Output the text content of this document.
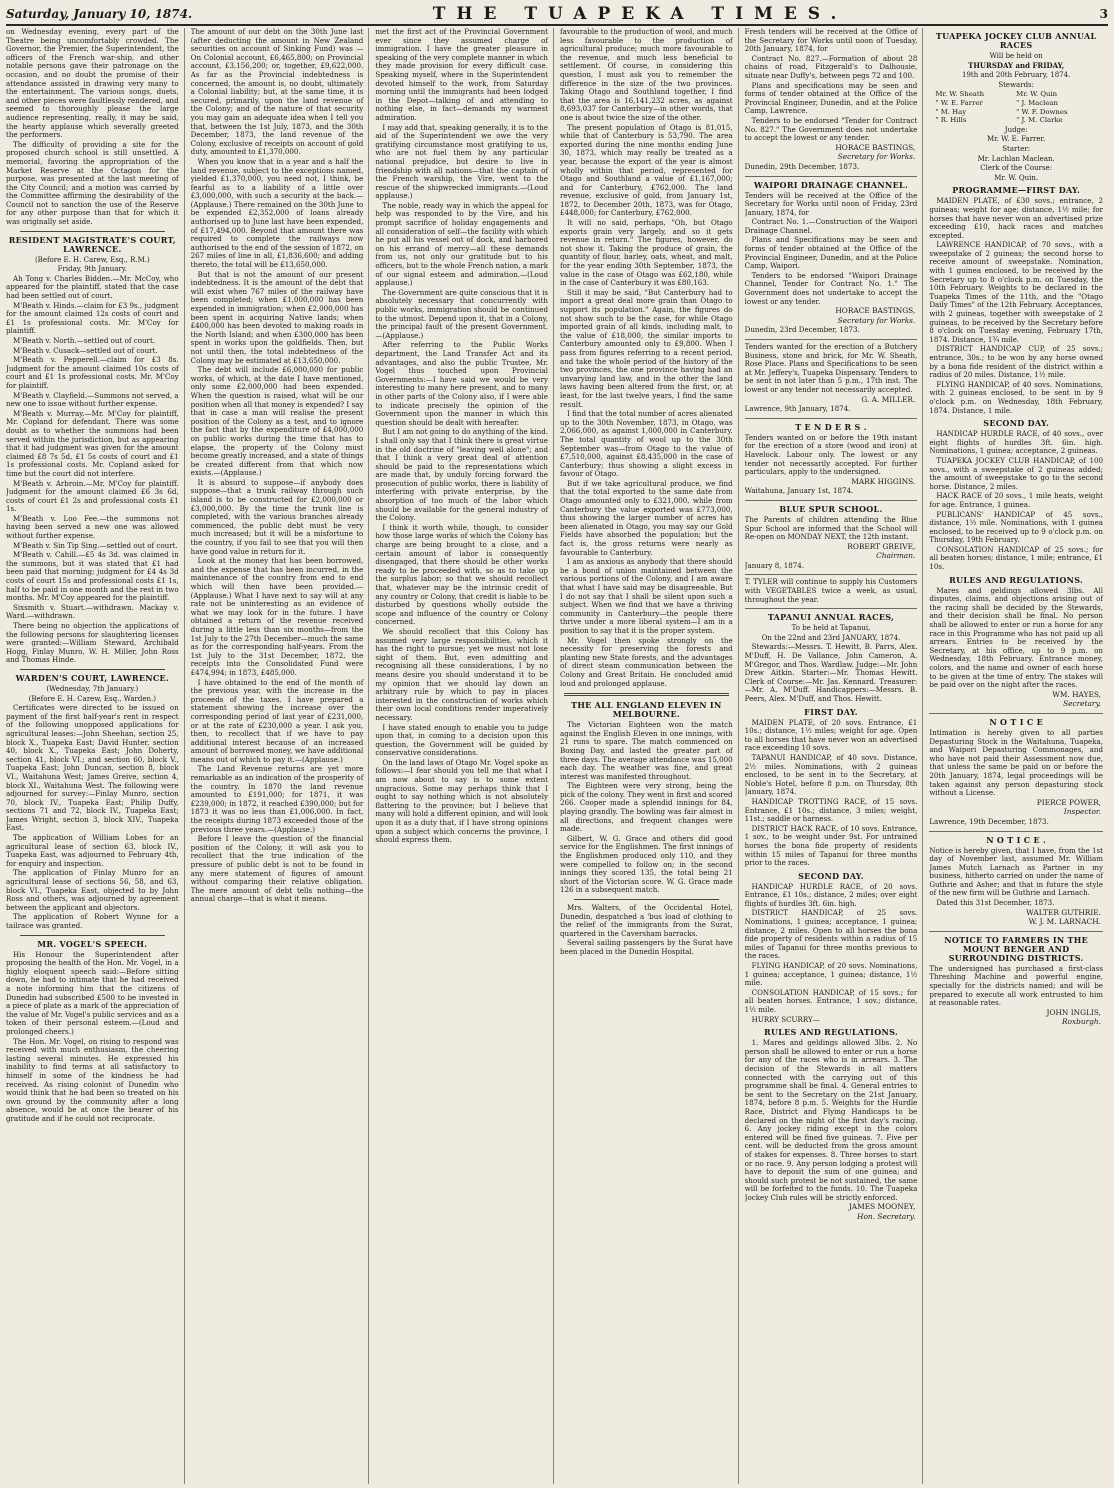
Saturday, January 10, 1874.	THE TUAPEKA TIMES.	3

on Wednesday evening, every part of the Theatre being uncomfortably crowded. The Governor, the Premier, the Superintendent, the officers of the French war-ship, and other notable persons gave their patronage on the occasion, and no doubt the promise of their attendance assisted in drawing very many to the entertainment. The various songs, duets, and other pieces were faultlessly rendered, and seemed to thoroughly please the large audience representing, really, it may be said, the hearty applause which severally greeted the performers.

The difficulty of providing a site for the proposed church school is still unsettled. A memorial, favoring the appropriation of the Market Reserve at the Octagon for the purpose, was presented at the last meeting of the City Council; and a motion was carried by the Committee affirming the desirability of the Council not to sanction the use of the Reserve for any other purpose than that for which it was originally set aside.

RESIDENT MAGISTRATE'S COURT, LAWRENCE.
(Before E. H. Carew, Esq., R.M.)
Friday, 9th January.

Ah Tong v. Charles Bidden.—Mr. McCoy, who appeared for the plaintiff, stated that the case had been settled out of court.

M'Beath v. Hinds.—claim for £3 9s., judgment for the amount claimed 12s costs of court and £1 1s professional costs. Mr. M'Coy for plaintiff.

M'Beath v. North.—settled out of court.

M'Beath v. Cusack—settled out of court.

M'Beath v. Pepperell.—claim for £3 8s. Judgment for the amount claimed 10s costs of court and £1 1s professional costs. Mr. M'Coy for plaintiff.

M'Beath v. Clayfield.—Summons not served, a new one to issue without further expense.

M'Beath v. Murray.—Mr. M'Coy for plaintiff, Mr. Copland for defendant. There was some doubt as to whether the summons had been served within the jurisdiction, but as appearing that it had judgment was given for the amount claimed £8 7s 5d, £1 5s costs of court and £1 1s professional costs. Mr. Copland asked for time but the court did not interfere.

M'Beath v. Arbroin.—Mr. M'Coy for plaintiff. Judgment for the amount claimed £6 3s 6d, costs of court £1 2s and professional costs £1 1s.

M'Beath v. Loo Fee.—the summons not having been served a new one was allowed without further expense.

M'Beath v. Sin Tip Sing.—settled out of court.

M'Beath v. Cahill.—£5 4s 3d. was claimed in the summons, but it was stated that £1 had been paid that morning; judgment for £4 4s 3d costs of court 15s and professional costs £1 1s, half to be paid in one month and the rest in two months. Mr. M'Coy appeared for the plaintiff.

Sixsmith v. Stuart.—withdrawn. Mackay v. Ward.—withdrawn.

There being no objection the applications of the following persons for slaughtering licenses were granted:—William Steward, Archibald Hogg, Finlay Munro, W. H. Miller, John Ross and Thomas Hinde.

WARDEN'S COURT, LAWRENCE.
(Wednesday, 7th January.)
(Before E. H. Carew, Esq., Warden.)

Certificates were directed to be issued on payment of the first half-year's rent in respect of the following unopposed applications for agricultural leases:—John Sheehan, section 25, block X., Tuapeka East; David Hunter, section 40, block X., Tuapeka East; John Doherty, section 41, block VI.; and section 60, block V., Tuapeka East; John Duncan, section 8, block VI., Waitahuna West; James Greive, section 4, block XI., Waitahuna West. The following were adjourned for survey:—Finlay Munro, section 70, block IV., Tuapeka East; Philip Duffy, sections 71 and 72, block IV., Tuapeka East; James Wright, section 3, block XIV., Tuapeka East.

The application of William Lobes for an agricultural lease of section 63, block IV., Tuapeka East, was adjourned to February 4th, for enquiry and inspection.

The application of Finlay Munro for an agricultural lease of sections 56, 58, and 63, block VI., Tuapeka East, objected to by John Ross and others, was adjourned by agreement between the applicant and objectors.

The application of Robert Wynne for a tailrace was granted.

MR. VOGEL'S SPEECH.

His Honour the Superintendent after proposing the health of the Hon. Mr. Vogel, in a highly eloquent speech said:—Before sitting down, he had to intimate that he had received a note informing him that the citizens of Dunedin had subscribed £500 to be invested in a piece of plate as a mark of the appreciation of the value of Mr. Vogel's public services and as a token of their personal esteem.—(Loud and prolonged cheers.)

The Hon. Mr. Vogel, on rising to respond was received with much enthusiasm, the cheering lasting several minutes. He expressed his inability to find terms at all satisfactory to himself in some of the kindness he had received. As rising colonist of Dunedin who would think that he had been so treated on his own ground by the community after a long absence, would be at once the bearer of his gratitude and if he could not reciprocate.

The amount of our debt on the 30th June last (after deducting the amount in New Zealand securities on account of Sinking Fund) was —On Colonial account, £6,465,800; on Provincial account, £3,156,200; or, together, £9,622,000. As far as the Provincial indebtedness is concerned, the amount is, no doubt, ultimately a Colonial liability; but, at the same time, it is secured, primarily, upon the land revenue of the Colony; and of the nature of that security you may gain an adequate idea when I tell you that, between the 1st July, 1873, and the 30th December, 1873, the land revenue of the Colony, exclusive of receipts on account of gold duty, amounted to £1,370,000.

When you know that in a year and a half the land revenue, subject to the exceptions named, yielded £1,370,000, you need not, I think, be fearful as to a liability of a little over £3,000,000, with such a security at the back.—(Applause.) There remained on the 30th June to be expended £2,352,000 of loans already authorised up to June last have been expended, of £17,494,000. Beyond that amount there was required to complete the railways now authorised to the end of the session of 1872, on 267 miles of line in all, £1,836,600; and adding thereto, the total will be £13,650,000.

But that is not the amount of our present indebtedness. It is the amount of the debt that will exist when 767 miles of the railway have been completed; when £1,000,000 has been expended in immigration; when £2,000,000 has been spent in acquiring Native lands; when £400,000 has been devoted to making roads in the North Island; and when £300,000 has been spent in works upon the goldfields. Then, but not until then, the total indebtedness of the Colony may be estimated at £13,650,000.

The debt will include £6,000,000 for public works, of which, at the date I have mentioned, only some £2,000,000 had been expended. When the question is raised, what will be our position when all that money is expended? I say that in case a man will realise the present position of the Colony as a test, and to ignore the fact that by the expenditure of £4,000,000 on public works during the time that has to elapse, the property of the Colony must become greatly increased, and a state of things be created different from that which now exists.—(Applause.)

It is absurd to suppose—if anybody does suppose—that a trunk railway through such island is to be constructed for £2,000,000 or £3,000,000. By the time the trunk line is completed, with the various branches already commenced, the public debt must be very much increased; but it will be a misfortune to the country, if you fail to see that you will then have good value in return for it.

Look at the money that has been borrowed, and the expense that has been incurred, in the maintenance of the country from end to end which will then have been provided.—(Applause.) What I have next to say will at any rate not be uninteresting as an evidence of what we may look for in the future. I have obtained a return of the revenue received during a little less than six months—from the 1st July to the 27th December—much the same as for the corresponding half-years. From the 1st July to the 31st December, 1872, the receipts into the Consolidated Fund were £474,994; in 1873, £485,000.

I have obtained to the end of the month of the previous year, with the increase in the proceeds of the taxes. I have prepared a statement showing the increase over the corresponding period of last year of £231,000, or at the rate of £230,000 a year. I ask you, then, to recollect that if we have to pay additional interest because of an increased amount of borrowed money, we have additional means out of which to pay it.—(Applause.)

The Land Revenue returns are yet more remarkable as an indication of the prosperity of the country. In 1870 the land revenue amounted to £191,000; for 1871, it was £239,000; in 1872, it reached £390,000; but for 1873 it was no less than £1,006,000. In fact, the receipts during 1873 exceeded those of the previous three years.—(Applause.)

Before I leave the question of the financial position of the Colony, it will ask you to recollect that the true indication of the pressure of public debt is not to be found in any mere statement of figures of amount without comparing their relative obligation. The mere amount of debt tells nothing—the annual charge—that is what it means.

met the first act of the Provincial Government ever since they assumed charge of immigration. I have the greater pleasure in speaking of the very complete manner in which they made provision for every difficult case. Speaking myself, where in the Superintendent devoted himself to the work, from Saturday morning until the immigrants had been lodged in the Depot—talking of and attending to nothing else, in fact—demands my warmest admiration.

I may add that, speaking generally, it is to the aid of the Superintendent we owe the very gratifying circumstance most gratifying to us, who are not fuel them by any particular national prejudice, but desire to live in friendship with all nations—that the captain of the French warship, the Vire, went to the rescue of the shipwrecked immigrants.—(Loud applause.)

The noble, ready way in which the appeal for help was responded to by the Vire, and his prompt sacrifice of holiday engagements and all consideration of self—the facility with which he put all his vessel out of dock, and harbored on his errand of mercy—all these demands from us, not only our gratitude but to his officers, but to the whole French nation, a mark of our signal esteem and admiration.—(Loud applause.)

The Government are quite conscious that it is absolutely necessary that concurrently with public works, immigration should be continued to the utmost. Depend upon it, that in a Colony, the principal fault of the present Government.—(Applause.)

After referring to the Public Works department, the Land Transfer Act and its advantages, and also the public Trustee, Mr. Vogel thus touched upon Provincial Governments:—I have said we would be very interesting to many here present, and to many in other parts of the Colony also, if I were able to indicate precisely the opinion of the Government upon the manner in which this question should be dealt with hereafter.

But I am not going to do anything of the kind. I shall only say that I think there is great virtue in the old doctrine of "leaving well alone"; and that I think a very great deal of attention should be paid to the representations which are made that, by unduly forcing forward the prosecution of public works, there is liability of interfering with private enterprise, by the absorption of too much of the labor which should be available for the general industry of the Colony.

I think it worth while, though, to consider how those large works of which the Colony has charge are being brought to a close, and a certain amount of labor is consequently disengaged, that there should be other works ready to be proceeded with, so as to take up the surplus labor; so that we should recollect that, whatever may be the intrinsic credit of any country or Colony, that credit is liable to be disturbed by questions wholly outside the scope and influence of the country or Colony concerned.

We should recollect that this Colony has assumed very large responsibilities, which it has the right to pursue; yet we must not lose sight of them. But, even admitting and recognising all these considerations, I by no means desire you should understand it to be my opinion that we should lay down an arbitrary rule by which to pay in places interested in the construction of works which their own local conditions render imperatively necessary.

I have stated enough to enable you to judge upon that, in coming to a decision upon this question, the Government will be guided by conservative considerations.

On the land laws of Otago Mr. Vogel spoke as follows:—I fear should you tell me that what I am now about to say is to some extent ungracious. Some may perhaps think that I ought to say nothing which is not absolutely flattering to the province; but I believe that many will hold a different opinion, and will look upon it as a duty that, if I have strong opinions upon a subject which concerns the province, I should express them.

favourable to the production of wool, and much less favourable to the production of agricultural produce; much more favourable to the revenue, and much less beneficial to settlement. Of course, in considering this question, I must ask you to remember the difference in the size of the two provinces. Taking Otago and Southland together, I find that the area is 16,141,232 acres, as against 8,693,037 for Canterbury—in other words, that one is about twice the size of the other.

The present population of Otago is 81,015, while that of Canterbury is 53,790. The area exported during the nine months ending June 30, 1873, which may really be treated as a year, because the export of the year is almost wholly within that period, represented for Otago and Southland a value of £1,167,000; and for Canterbury, £762,000. The land revenue, exclusive of gold, from January 1st, 1872, to December 20th, 1873, was for Otago, £448,000; for Canterbury, £762,000.

It will no said, perhaps, "Oh, but Otago exports grain very largely, and so it gets revenue in return." The figures, however, do not show it. Taking the produce of grain, the quantity of flour, barley, oats, wheat, and malt, for the year ending 30th September, 1873, the value in the case of Otago was £62,180, while in the case of Canterbury it was £80,163.

Still it may be said, "But Canterbury had to import a great deal more grain than Otago to support its population." Again, the figures do not show such to be the case, for while Otago imported grain of all kinds, including malt, to the value of £18,000, the similar imports to Canterbury amounted only to £9,800. When I pass from figures referring to a recent period, and take the whole period of the history of the two provinces, the one province having had an unvarying land law, and in the other the land laws having been altered from the first, or, at least, for the last twelve years, I find the same result.

I find that the total number of acres alienated up to the 30th November, 1873, in Otago, was 2,066,000, as against 1,000,000 in Canterbury. The total quantity of wool up to the 30th September was—from Otago to the value of £7,510,000, against £8,435,000 in the case of Canterbury; thus showing a slight excess in favour of Otago.

But if we take agricultural produce, we find that the total exported to the same date from Otago amounted only to £321,000, while from Canterbury the value exported was £773,000, thus showing the larger number of acres has been alienated in Otago, you may say our Gold Fields have absorbed the population; but the fact is, the gross returns were nearly as favourable to Canterbury.

I am as anxious as anybody that there should be a bond of union maintained between the various portions of the Colony, and I am aware that what I have said may be disagreeable. But I do not say that I shall be silent upon such a subject. When we find that we have a thriving community in Canterbury—the people there thrive under a more liberal system—I am in a position to say that it is the proper system.

Mr. Vogel then spoke strongly on the necessity for preserving the forests and planting new State forests, and the advantages of direct steam communication between the Colony and Great Britain. He concluded amid loud and prolonged applause.

THE ALL ENGLAND ELEVEN IN MELBOURNE.

The Victorian Eighteen won the match against the English Eleven in one innings, with 21 runs to spare. The match commenced on Boxing Day, and lasted the greater part of three days. The average attendance was 15,000 each day. The weather was fine, and great interest was manifested throughout.

The Eighteen were very strong, being the pick of the colony. They went in first and scored 266. Cooper made a splendid innings for 84, playing grandly. The bowling was fair almost in all directions, and frequent changes were made.

Gilbert, W. G. Grace and others did good service for the Englishmen. The first innings of the Englishmen produced only 110, and they were compelled to follow on; in the second innings they scored 135, the total being 21 short of the Victorian score. W. G. Grace made 126 in a subsequent match.

Mrs. Walters, of the Occidental Hotel, Dunedin, despatched a 'bus load of clothing to the relief of the immigrants from the Surat, quartered in the Caversham barracks.

Several sailing passengers by the Surat have been placed in the Dunedin Hospital.

Fresh tenders will be received at the Office of the Secretary for Works until noon of Tuesday, 20th January, 1874, for

Contract No. 827.—Formation of about 28 chains of road, Fitzgerald's to Dalhousie, situate near Duffy's, between pegs 72 and 100.

Plans and specifications may be seen and forms of tender obtained at the Office of the Provincial Engineer, Dunedin, and at the Police Camp, Lawrence.

Tenders to be endorsed "Tender for Contract No. 827." The Government does not undertake to accept the lowest or any tender.

HORACE BASTINGS,
Secretary for Works.

Dunedin, 29th December, 1873.

WAIPORI DRAINAGE CHANNEL.

Tenders will be received at the Office of the Secretary for Works until noon of Friday, 23rd January, 1874, for

Contract No. 1.—Construction of the Waipori Drainage Channel.

Plans and Specifications may be seen and forms of tender obtained at the Office of the Provincial Engineer, Dunedin, and at the Police Camp, Waipori.

Tenders to be endorsed "Waipori Drainage Channel, Tender for Contract No. 1." The Government does not undertake to accept the lowest or any tender.

HORACE BASTINGS,
Secretary for Works.

Dunedin, 23rd December, 1873.

Tenders wanted for the erection of a Butchery Business, stone and brick, for Mr. W. Sheath, Rose Place. Plans and Specifications to be seen at Mr. Jeffery's, Tuapeka Dispensary. Tenders to be sent in not later than 5 p.m., 17th inst. The lowest or any tender not necessarily accepted.

G. A. MILLER.

Lawrence, 9th January, 1874.

T E N D E R S .

Tenders wanted on or before the 19th instant for the erection of a store (wood and iron) at Havelock. Labour only. The lowest or any tender not necessarily accepted. For further particulars, apply to the undersigned.

MARK HIGGINS.

Waitahuna, January 1st, 1874.

BLUE SPUR SCHOOL.

The Parents of children attending the Blue Spur School are informed that the School will Re-open on MONDAY NEXT, the 12th instant.

ROBERT GREIVE,
Chairman.

January 8, 1874.

T. TYLER will continue to supply his Customers with VEGETABLES twice a week, as usual, throughout the year.

TAPANUI ANNUAL RACES,
To be held at Tapanui,
On the 22nd and 23rd JANUARY, 1874.

Stewards:—Messrs. T. Hewitt, B. Parrs, Alex. M'Duff, H. De Vallance, John Cameron, A. M'Gregor, and Thos. Wardlaw. Judge:—Mr. John Drew Aitkin. Starter:—Mr. Thomas Hewitt. Clerk of Course:—Mr. Jas. Kennard. Treasurer:—Mr. A. M'Duff. Handicappers:—Messrs. B. Peers, Alex. M'Duff, and Thos. Hewitt.

FIRST DAY.

MAIDEN PLATE, of 20 sovs. Entrance, £1 10s.; distance, 1½ miles; weight for age. Open to all horses that have never won an advertised race exceeding 10 sovs.

TAPANUI HANDICAP, of 40 sovs. Distance, 2½ miles. Nominations, with 2 guineas enclosed, to be sent in to the Secretary, at Noble's Hotel, before 8 p.m. on Thursday, 8th January, 1874.

HANDICAP TROTTING RACE, of 15 sovs. Entrance, £1 10s.; distance, 3 miles; weight, 11st.; saddle or harness.

DISTRICT HACK RACE, of 10 sovs. Entrance, 1 sov., to be weight under 9st. For untrained horses the bona fide property of residents within 15 miles of Tapanui for three months prior to the races.

SECOND DAY.

HANDICAP HURDLE RACE, of 20 sovs. Entrance, £1 10s.; distance, 2 miles; over eight flights of hurdles 3ft. 6in. high.

DISTRICT HANDICAP, of 25 sovs. Nominations, 1 guinea; acceptance, 1 guinea; distance, 2 miles. Open to all horses the bona fide property of residents within a radius of 15 miles of Tapanui for three months previous to the races.

FLYING HANDICAP, of 20 sovs. Nominations, 1 guinea; acceptance, 1 guinea; distance, 1½ mile.

CONSOLATION HANDICAP, of 15 sovs.; for all beaten horses. Entrance, 1 sov.; distance, 1½ mile.

HURRY SCURRY—

RULES AND REGULATIONS.

1. Mares and geldings allowed 3lbs. 2. No person shall be allowed to enter or run a horse for any of the races who is in arrears. 3. The decision of the Stewards in all matters connected with the carrying out of this programme shall be final. 4. General entries to be sent to the Secretary on the 21st January, 1874, before 8 p.m. 5. Weights for the Hurdle Race, District and Flying Handicaps to be declared on the night of the first day's racing. 6. Any jockey riding except in the colors entered will be fined five guineas. 7. Five per cent. will be deducted from the gross amount of stakes for expenses. 8. Three horses to start or no race. 9. Any person lodging a protest will have to deposit the sum of one guinea; and should such protest be not sustained, the same will be forfeited to the funds. 10. The Tuapeka Jockey Club rules will be strictly enforced.

JAMES MOONEY,
Hon. Secretary.
TUAPEKA JOCKEY CLUB ANNUAL RACES
Will be held on
THURSDAY and FRIDAY,
19th and 20th February, 1874.
Stewards:
Mr. W. Sheath	Mr. W. Quin
" W. E. Farrer	" J. Maclean
" M. Hay	" W. F. Downes
" R. Hills	" J. M. Clarke
Judge:
Mr. W. E. Farrer.
Starter:
Mr. Lachlan Maclean.
Clerk of the Course:
Mr. W. Quin.
PROGRAMME—FIRST DAY.

MAIDEN PLATE, of £30 sovs.; entrance, 2 guineas; weight for age; distance, 1½ mile; for horses that have never won an advertised prize exceeding £10, hack races and matches excepted.

LAWRENCE HANDICAP, of 70 sovs., with a sweepstake of 2 guineas; the second horse to receive amount of sweepstake. Nomination, with 1 guinea enclosed, to be received by the Secretary up to 8 o'clock p.m. on Tuesday, the 10th February. Weights to be declared in the Tuapeka Times of the 11th, and the "Otago Daily Times" of the 12th February. Acceptances, with 2 guineas, together with sweepstake of 2 guineas, to be received by the Secretary before 8 o'clock on Tuesday evening, February 17th, 1874. Distance, 1¾ mile.

DISTRICT HANDICAP CUP, of 25 sovs.; entrance, 30s.; to be won by any horse owned by a bona fide resident of the district within a radius of 20 miles. Distance, 1½ mile.

FLYING HANDICAP, of 40 sovs. Nominations, with 2 guineas enclosed, to be sent in by 9 o'clock p.m. on Wednesday, 18th February, 1874. Distance, 1 mile.

SECOND DAY.

HANDICAP HURDLE RACE, of 40 sovs., over eight flights of hurdles 3ft. 6in. high. Nominations, 1 guinea; acceptance, 2 guineas.

TUAPEKA JOCKEY CLUB HANDICAP, of 100 sovs., with a sweepstake of 2 guineas added; the amount of sweepstake to go to the second horse. Distance, 2 miles.

HACK RACE of 20 sovs., 1 mile heats, weight for age. Entrance, 1 guinea.

PUBLICANS' HANDICAP of 45 sovs., distance, 1½ mile. Nominations, with 1 guinea enclosed, to be received up to 9 o'clock p.m. on Thursday, 19th February.

CONSOLATION HANDICAP of 25 sovs.; for all beaten horses; distance, 1 mile; entrance, £1 10s.

RULES AND REGULATIONS.

Mares and geldings allowed 3lbs. All disputes, claims, and objections arising out of the racing shall be decided by the Stewards, and their decision shall be final. No person shall be allowed to enter or run a horse for any race in this Programme who has not paid up all arrears. Entries to be received by the Secretary, at his office, up to 9 p.m. on Wednesday, 18th February. Entrance money, colors, and the name and owner of each horse to be given at the time of entry. The stakes will be paid over on the night after the races.

WM. HAYES,
Secretary.
N O T I C E

Intimation is hereby given to all parties Depasturing Stock in the Waitahuna, Tuapeka, and Waipori Depasturing Commonages, and who have not paid their Assessment now due, that unless the same be paid on or before the 20th January, 1874, legal proceedings will be taken against any person depasturing stock without a License.

PIERCE POWER,
Inspector.

Lawrence, 19th December, 1873.

N O T I C E .

Notice is hereby given, that I have, from the 1st day of November last, assumed Mr. William James Mutch Larnach as Partner in my business, hitherto carried on under the name of Guthrie and Asher; and that in future the style of the new firm will be Guthrie and Larnach.

Dated this 31st December, 1873.

WALTER GUTHRIE.
W. J. M. LARNACH.
NOTICE TO FARMERS IN THE MOUNT BENGER AND SURROUNDING DISTRICTS.

The undersigned has purchased a first-class Threshing Machine and powerful engine, specially for the districts named; and will be prepared to execute all work entrusted to him at reasonable rates.

JOHN INGLIS,
Roxburgh.
